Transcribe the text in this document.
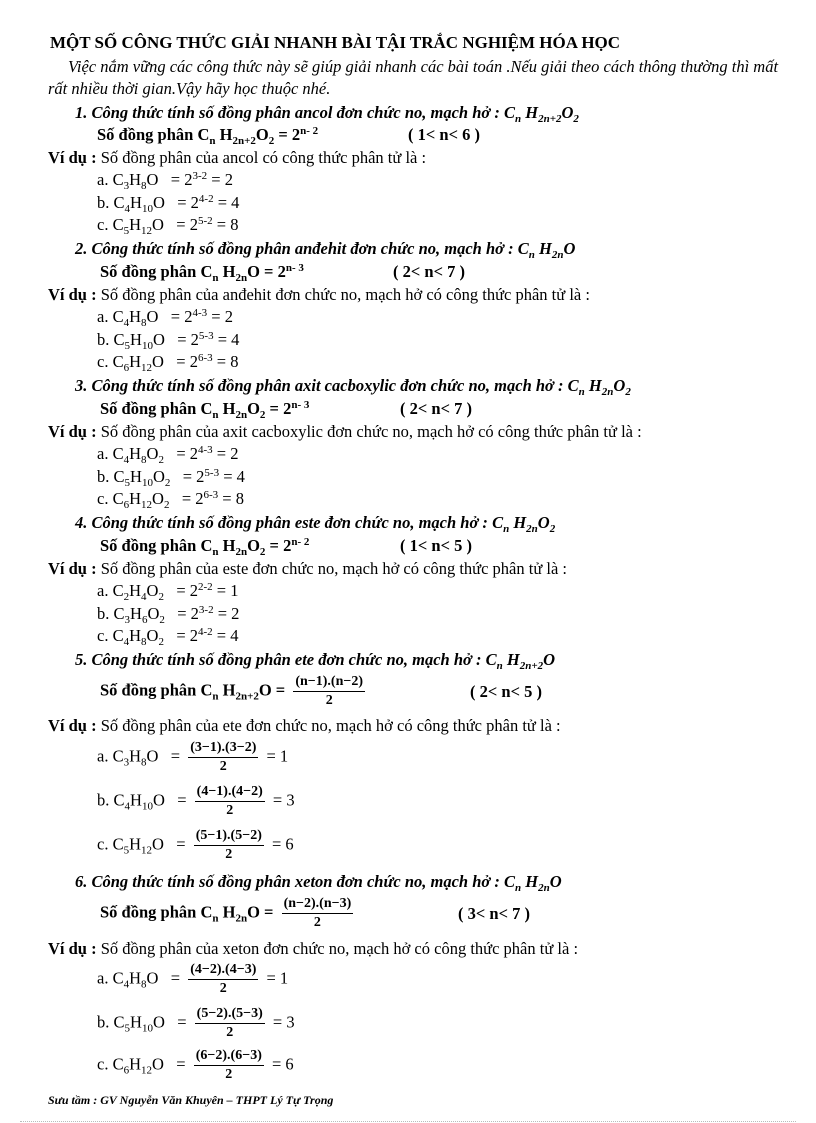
MỘT SỐ CÔNG THỨC GIẢI NHANH BÀI TẬI TRẮC NGHIỆM HÓA HỌC
Việc nắm vững các công thức này sẽ giúp giải nhanh các bài toán .Nếu giải theo cách thông thường thì mất rất nhiều thời gian.Vậy hãy học thuộc nhé.
1. Công thức tính số đồng phân ancol đơn chức no, mạch hở : $C_n$ $H_{2n+2}O_2$
Số đồng phân $C_n$ $H_{2n+2}O_2 = 2^{n- 2}$	( 1< n< 6 )
Ví dụ : Số đồng phân của ancol có công thức phân tử là :
a. $C_3H_8O = 2^{3-2} = 2$
b. $C_4H_{10}O = 2^{4-2} = 4$
c. $C_5H_{12}O = 2^{5-2} = 8$
2. Công thức tính số đồng phân anđehit đơn chức no, mạch hở : $C_n$ $H_{2n}O$
Số đồng phân $C_n$ $H_{2n}O = 2^{n- 3}$	( 2< n< 7 )
Ví dụ : Số đồng phân của anđehit đơn chức no, mạch hở có công thức phân tử là :
a. $C_4H_8O = 2^{4-3} = 2$
b. $C_5H_{10}O = 2^{5-3} = 4$
c. $C_6H_{12}O = 2^{6-3} = 8$
3. Công thức tính số đồng phân axit cacboxylic đơn chức no, mạch hở : $C_n$ $H_{2n}O_2$
Số đồng phân $C_n$ $H_{2n}O_2 = 2^{n- 3}$	( 2< n< 7 )
Ví dụ : Số đồng phân của axit cacboxylic đơn chức no, mạch hở có công thức phân tử là :
a. $C_4H_8O_2 = 2^{4-3} = 2$
b. $C_5H_{10}O_2 = 2^{5-3} = 4$
c. $C_6H_{12}O_2 = 2^{6-3} = 8$
4. Công thức tính số đồng phân este đơn chức no, mạch hở : $C_n$ $H_{2n}O_2$
Số đồng phân $C_n$ $H_{2n}O_2 = 2^{n- 2}$	( 1< n< 5 )
Ví dụ : Số đồng phân của este đơn chức no, mạch hở có công thức phân tử là :
a. $C_2H_4O_2 = 2^{2-2} = 1$
b. $C_3H_6O_2 = 2^{3-2} = 2$
c. $C_4H_8O_2 = 2^{4-2} = 4$
5. Công thức tính số đồng phân ete đơn chức no, mạch hở : $C_n$ $H_{2n+2}O$
Số đồng phân $C_n$ $H_{2n+2}O = \frac{(n-1).(n-2)}{2}$	( 2< n< 5 )
Ví dụ : Số đồng phân của ete đơn chức no, mạch hở có công thức phân tử là :
a. $C_3H_8O = \frac{(3-1).(3-2)}{2} = 1$
b. $C_4H_{10}O = \frac{(4-1).(4-2)}{2} = 3$
c. $C_5H_{12}O = \frac{(5-1).(5-2)}{2} = 6$
6. Công thức tính số đồng phân xeton đơn chức no, mạch hở : $C_n$ $H_{2n}O$
Số đồng phân $C_n$ $H_{2n}O = \frac{(n-2).(n-3)}{2}$	( 3< n< 7 )
Ví dụ : Số đồng phân của xeton đơn chức no, mạch hở có công thức phân tử là :
a. $C_4H_8O = \frac{(4-2).(4-3)}{2} = 1$
b. $C_5H_{10}O = \frac{(5-2).(5-3)}{2} = 3$
c. $C_6H_{12}O = \frac{(6-2).(6-3)}{2} = 6$
Sưu tầm : GV Nguyễn Văn Khuyên – THPT Lý Tự Trọng
